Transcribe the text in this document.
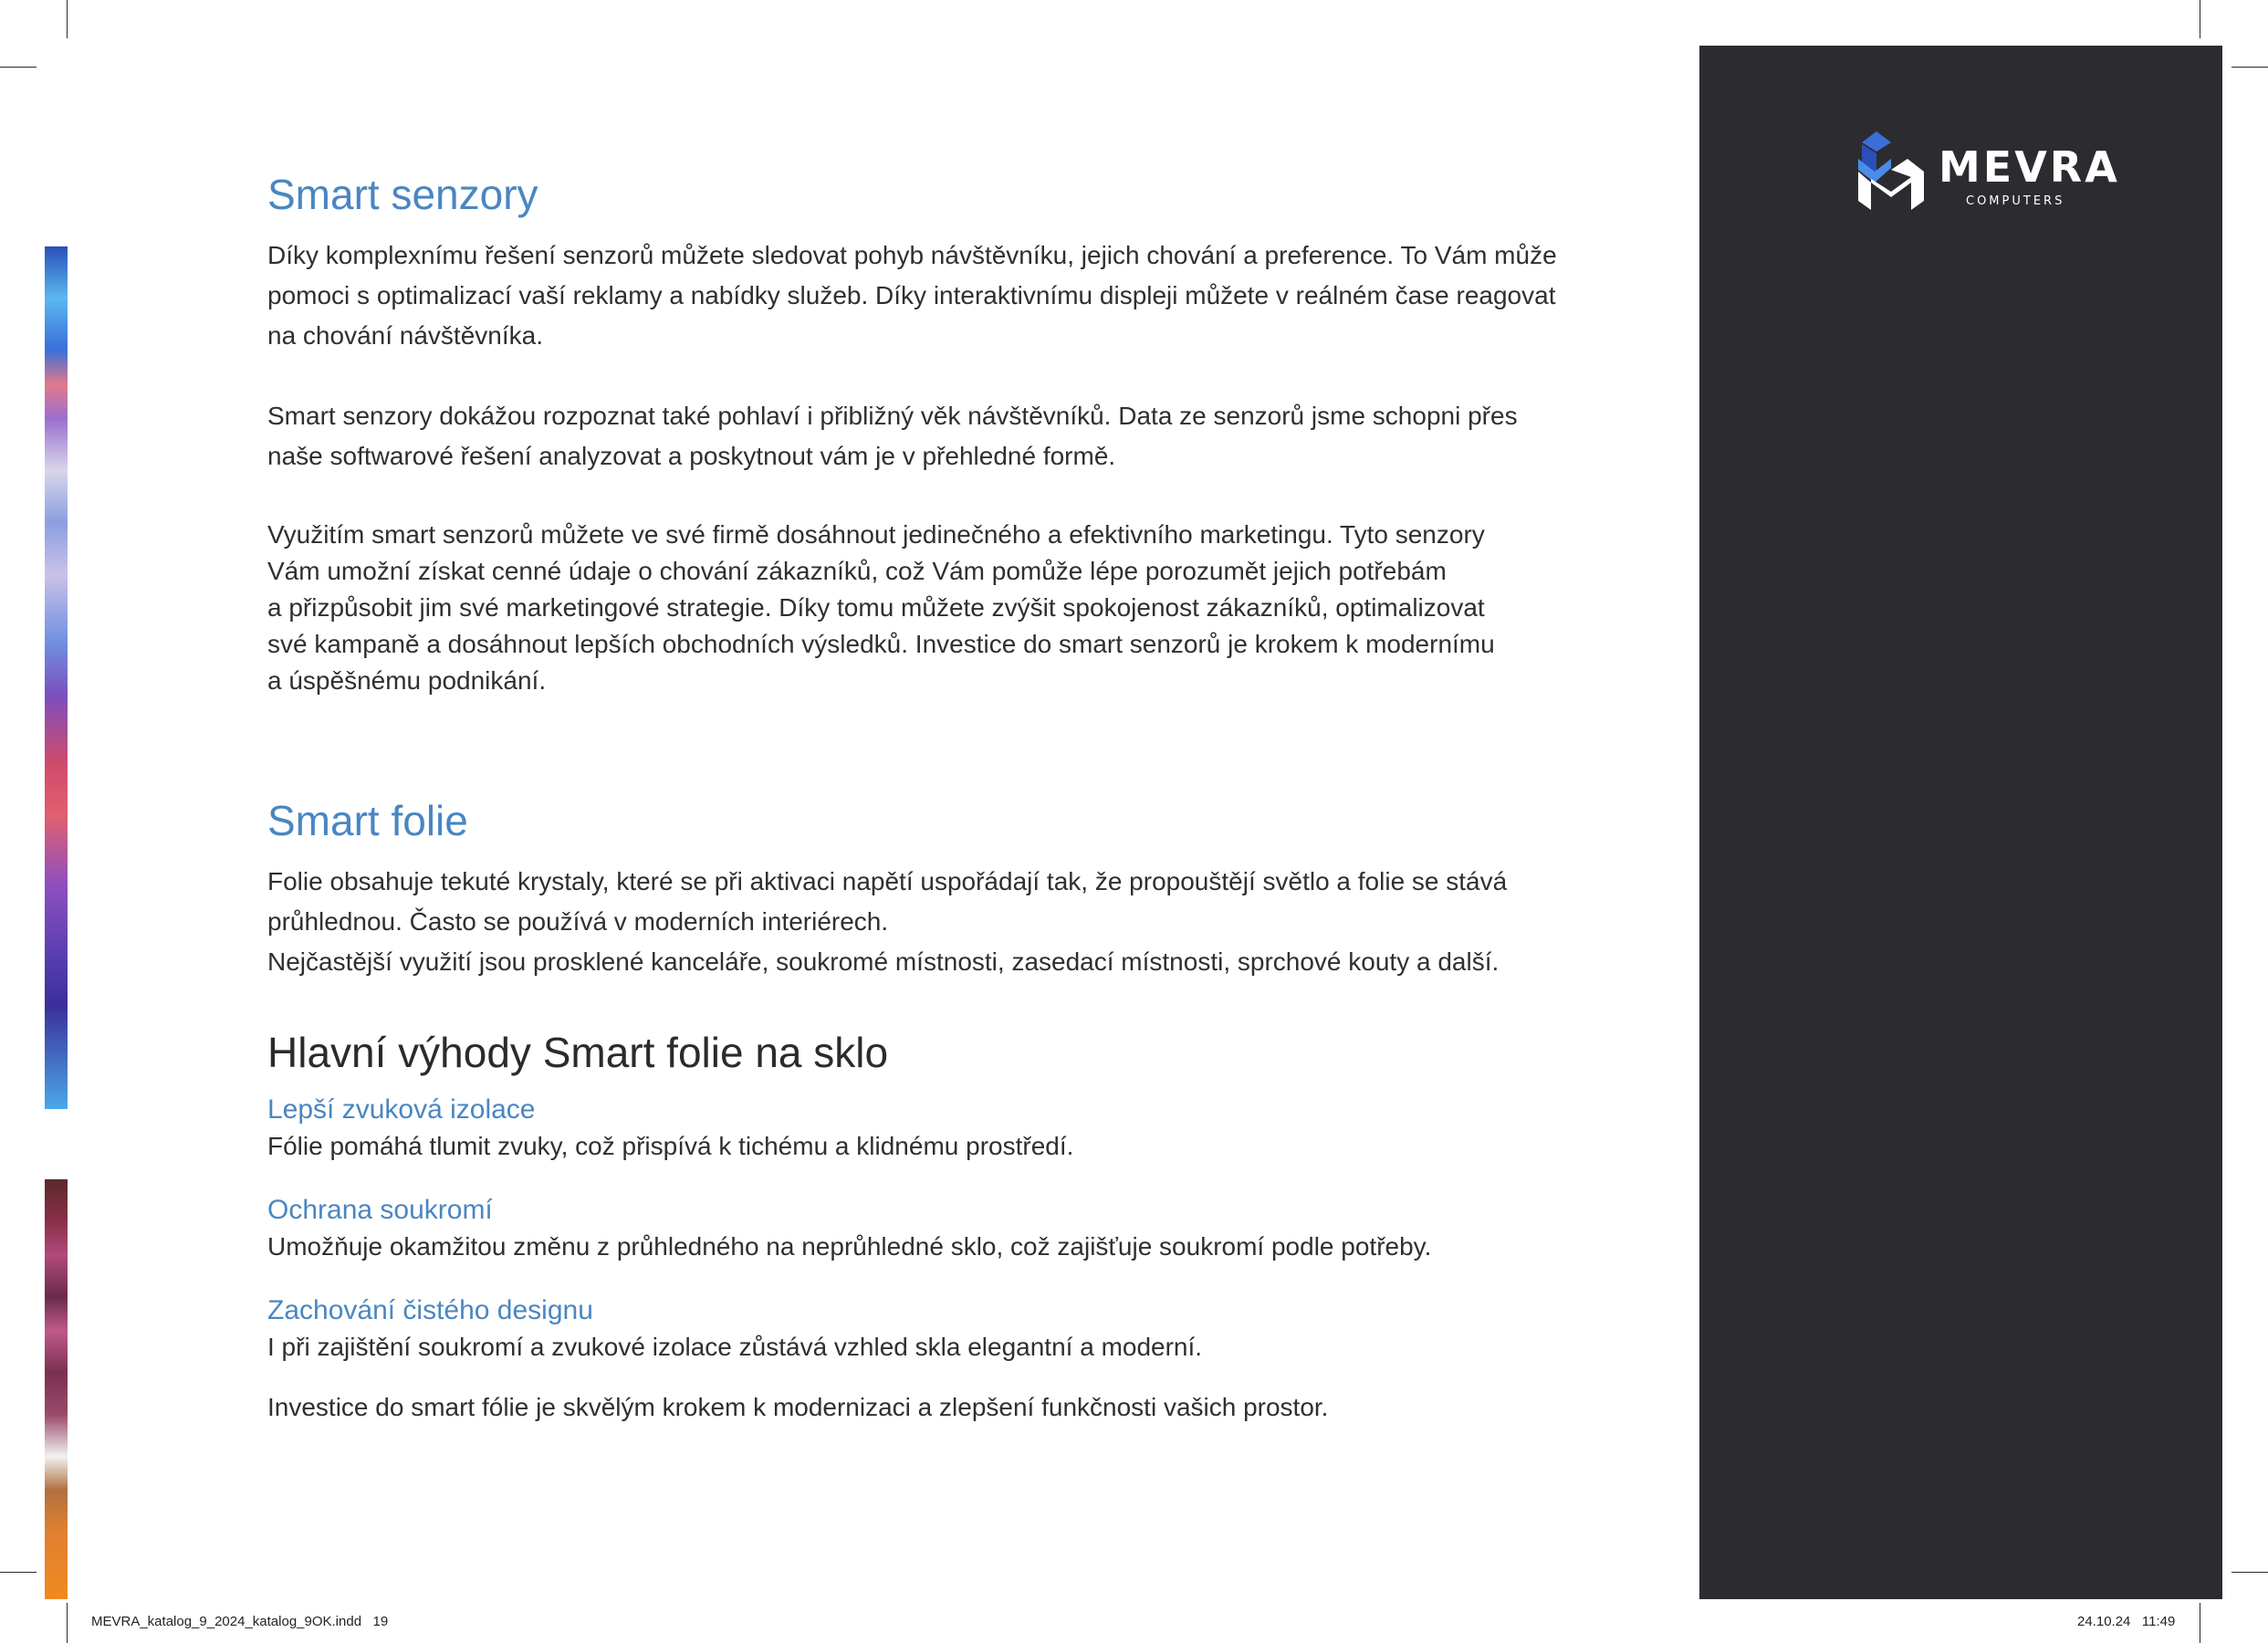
MEVRA
COMPUTERS
Smart senzory

Díky komplexnímu řešení senzorů můžete sledovat pohyb návštěvníku, jejich chování a preference. To Vám může
pomoci s optimalizací vaší reklamy a nabídky služeb. Díky interaktivnímu displeji můžete v reálném čase reagovat
na chování návštěvníka.

Smart senzory dokážou rozpoznat také pohlaví i přibližný věk návštěvníků. Data ze senzorů jsme schopni přes
naše softwarové řešení analyzovat a poskytnout vám je v přehledné formě.

Využitím smart senzorů můžete ve své firmě dosáhnout jedinečného a efektivního marketingu. Tyto senzory
Vám umožní získat cenné údaje o chování zákazníků, což Vám pomůže lépe porozumět jejich potřebám
a přizpůsobit jim své marketingové strategie. Díky tomu můžete zvýšit spokojenost zákazníků, optimalizovat
své kampaně a dosáhnout lepších obchodních výsledků. Investice do smart senzorů je krokem k modernímu
a úspěšnému podnikání.

Smart folie

Folie obsahuje tekuté krystaly, které se při aktivaci napětí uspořádají tak, že propouštějí světlo a folie se stává
průhlednou. Často se používá v moderních interiérech.
Nejčastější využití jsou prosklené kanceláře, soukromé místnosti, zasedací místnosti, sprchové kouty a další.

Hlavní výhody Smart folie na sklo
Lepší zvuková izolace
Fólie pomáhá tlumit zvuky, což přispívá k tichému a klidnému prostředí.
Ochrana soukromí
Umožňuje okamžitou změnu z průhledného na neprůhledné sklo, což zajišťuje soukromí podle potřeby.
Zachování čistého designu
I při zajištění soukromí a zvukové izolace zůstává vzhled skla elegantní a moderní.

Investice do smart fólie je skvělým krokem k modernizaci a zlepšení funkčnosti vašich prostor.

MEVRA_katalog_9_2024_katalog_9OK.indd   19	24.10.24   11:49
